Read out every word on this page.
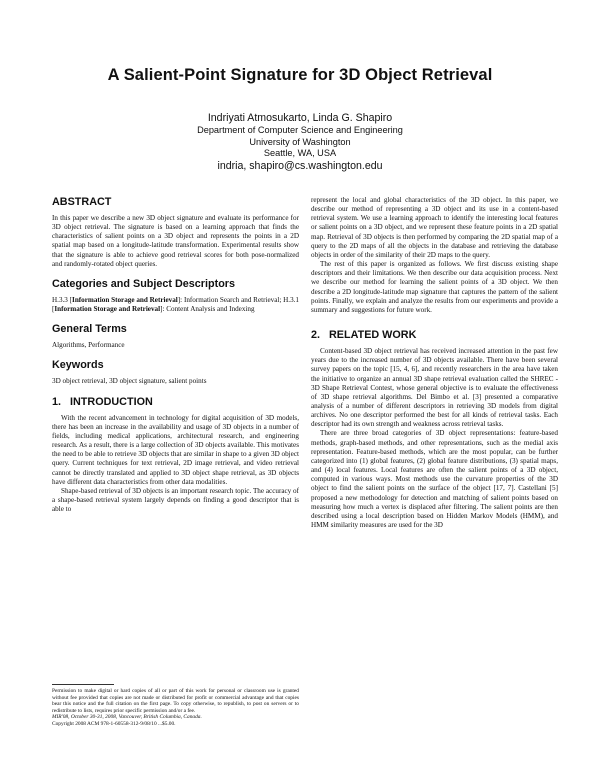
A Salient-Point Signature for 3D Object Retrieval
Indriyati Atmosukarto, Linda G. Shapiro
Department of Computer Science and Engineering
University of Washington
Seattle, WA, USA
indria, shapiro@cs.washington.edu
ABSTRACT

In this paper we describe a new 3D object signature and evaluate its performance for 3D object retrieval. The signature is based on a learning approach that finds the characteristics of salient points on a 3D object and represents the points in a 2D spatial map based on a longitude-latitude transformation. Experimental results show that the signature is able to achieve good retrieval scores for both pose-normalized and randomly-rotated object queries.

Categories and Subject Descriptors

H.3.3 [Information Storage and Retrieval]: Information Search and Retrieval; H.3.1 [Information Storage and Retrieval]: Content Analysis and Indexing

General Terms

Algorithms, Performance

Keywords

3D object retrieval, 3D object signature, salient points

1.   INTRODUCTION

With the recent advancement in technology for digital acquisition of 3D models, there has been an increase in the availability and usage of 3D objects in a number of fields, including medical applications, architectural research, and engineering research. As a result, there is a large collection of 3D objects available. This motivates the need to be able to retrieve 3D objects that are similar in shape to a given 3D object query. Current techniques for text retrieval, 2D image retrieval, and video retrieval cannot be directly translated and applied to 3D object shape retrieval, as 3D objects have different data characteristics from other data modalities.

Shape-based retrieval of 3D objects is an important research topic. The accuracy of a shape-based retrieval system largely depends on finding a good descriptor that is able to

Permission to make digital or hard copies of all or part of this work for personal or classroom use is granted without fee provided that copies are not made or distributed for profit or commercial advantage and that copies bear this notice and the full citation on the first page. To copy otherwise, to republish, to post on servers or to redistribute to lists, requires prior specific permission and/or a fee.
MIR'08, October 30-31, 2008, Vancouver, British Columbia, Canada.
Copyright 2008 ACM 978-1-60558-312-9/08/10 ...$5.00.

represent the local and global characteristics of the 3D object. In this paper, we describe our method of representing a 3D object and its use in a content-based retrieval system. We use a learning approach to identify the interesting local features or salient points on a 3D object, and we represent these feature points in a 2D spatial map. Retrieval of 3D objects is then performed by comparing the 2D spatial map of a query to the 2D maps of all the objects in the database and retrieving the database objects in order of the similarity of their 2D maps to the query.

The rest of this paper is organized as follows. We first discuss existing shape descriptors and their limitations. We then describe our data acquisition process. Next we describe our method for learning the salient points of a 3D object. We then describe a 2D longitude-latitude map signature that captures the pattern of the salient points. Finally, we explain and analyze the results from our experiments and provide a summary and suggestions for future work.

2.   RELATED WORK

Content-based 3D object retrieval has received increased attention in the past few years due to the increased number of 3D objects available. There have been several survey papers on the topic [15, 4, 6], and recently researchers in the area have taken the initiative to organize an annual 3D shape retrieval evaluation called the SHREC - 3D Shape Retrieval Contest, whose general objective is to evaluate the effectiveness of 3D shape retrieval algorithms. Del Bimbo et al. [3] presented a comparative analysis of a number of different descriptors in retrieving 3D models from digital archives. No one descriptor performed the best for all kinds of retrieval tasks. Each descriptor had its own strength and weakness across retrieval tasks.

There are three broad categories of 3D object representations: feature-based methods, graph-based methods, and other representations, such as the medial axis representation. Feature-based methods, which are the most popular, can be further categorized into (1) global features, (2) global feature distributions, (3) spatial maps, and (4) local features. Local features are often the salient points of a 3D object, computed in various ways. Most methods use the curvature properties of the 3D object to find the salient points on the surface of the object [17, 7]. Castellani [5] proposed a new methodology for detection and matching of salient points based on measuring how much a vertex is displaced after filtering. The salient points are then described using a local description based on Hidden Markov Models (HMM), and HMM similarity measures are used for the 3D
